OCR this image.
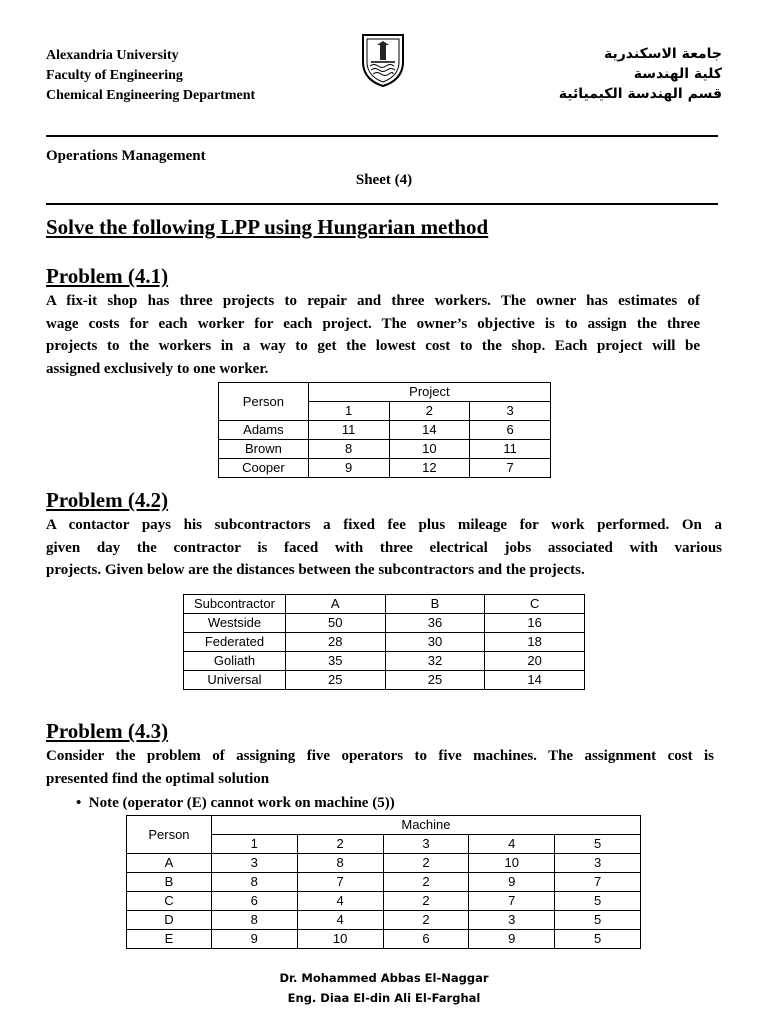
Alexandria University
Faculty of Engineering
Chemical Engineering Department
جامعة الاسكندرية
كلية الهندسة
قسم الهندسة الكيميائية
Operations Management
Sheet (4)
Solve the following LPP using Hungarian method
Problem (4.1)
A fix-it shop has three projects to repair and three workers. The owner has estimates of
wage costs for each worker for each project. The owner’s objective is to assign the three
projects to the workers in a way to get the lowest cost to the shop. Each project will be
assigned exclusively to one worker.
Person	Project		
	1	2	3
Adams	11	14	6
Brown	8	10	11
Cooper	9	12	7
Problem (4.2)
A contactor pays his subcontractors a fixed fee plus mileage for work performed. On a
given day the contractor is faced with three electrical jobs associated with various
projects. Given below are the distances between the subcontractors and the projects.
Subcontractor	A	B	C
Westside	50	36	16
Federated	28	30	18
Goliath	35	32	20
Universal	25	25	14
Problem (4.3)
Consider the problem of assigning five operators to five machines. The assignment cost is
presented find the optimal solution
•  Note (operator (E) cannot work on machine (5))
Person	Machine				
	1	2	3	4	5
A	3	8	2	10	3
B	8	7	2	9	7
C	6	4	2	7	5
D	8	4	2	3	5
E	9	10	6	9	5
Dr. Mohammed Abbas El-Naggar
Eng. Diaa El-din Ali El-Farghal
